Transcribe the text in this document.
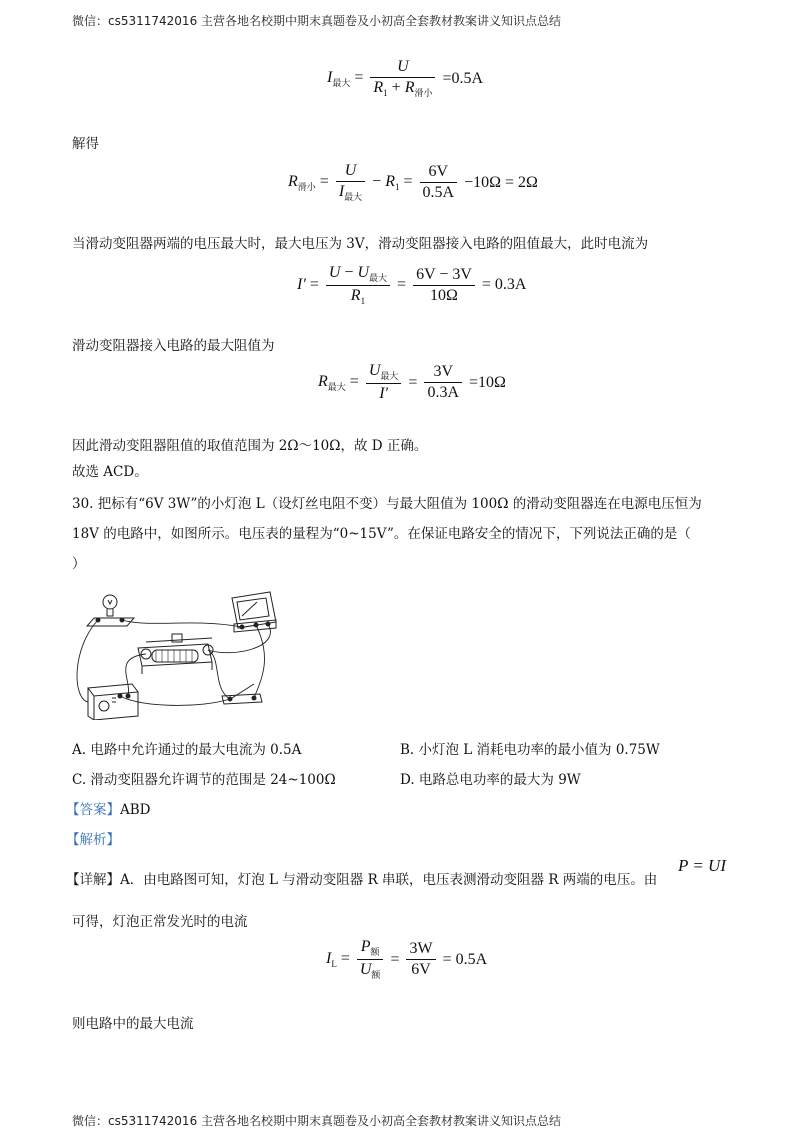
微信：cs5311742016 主营各地名校期中期末真题卷及小初高全套教材教案讲义知识点总结
$I_{最大} = \frac{U}{R_1 + R_{滑小}} =0.5A$
解得
$R_{滑小} = \frac{U}{I_{最大}} - R_1 = \frac{6V}{0.5A} -10\Omega = 2\Omega$
当滑动变阻器两端的电压最大时，最大电压为 3V，滑动变阻器接入电路的阻值最大，此时电流为
$I' = \frac{U - U_{最大}}{R_1} = \frac{6V - 3V}{10\Omega} = 0.3A$
滑动变阻器接入电路的最大阻值为
$R_{最大} = \frac{U_{最大}}{I'} = \frac{3V}{0.3A} =10\Omega$
因此滑动变阻器阻值的取值范围为 2Ω～10Ω，故 D 正确。
故选 ACD。
30. 把标有“6V 3W”的小灯泡 L（设灯丝电阻不变）与最大阻值为 100Ω 的滑动变阻器连在电源电压恒为
18V 的电路中，如图所示。电压表的量程为“0~15V”。在保证电路安全的情况下，下列说法正确的是（
）
A. 电路中允许通过的最大电流为 0.5A	B. 小灯泡 L 消耗电功率的最小值为 0.75W
C. 滑动变阻器允许调节的范围是 24~100Ω	D. 电路总电功率的最大为 9W
【答案】ABD
【解析】
【详解】A．由电路图可知，灯泡 L 与滑动变阻器 R 串联，电压表测滑动变阻器 R 两端的电压。由
P = UI
可得，灯泡正常发光时的电流
$I_L = \frac{P_额}{U_额} = \frac{3W}{6V} = 0.5A$
则电路中的最大电流
微信：cs5311742016 主营各地名校期中期末真题卷及小初高全套教材教案讲义知识点总结
